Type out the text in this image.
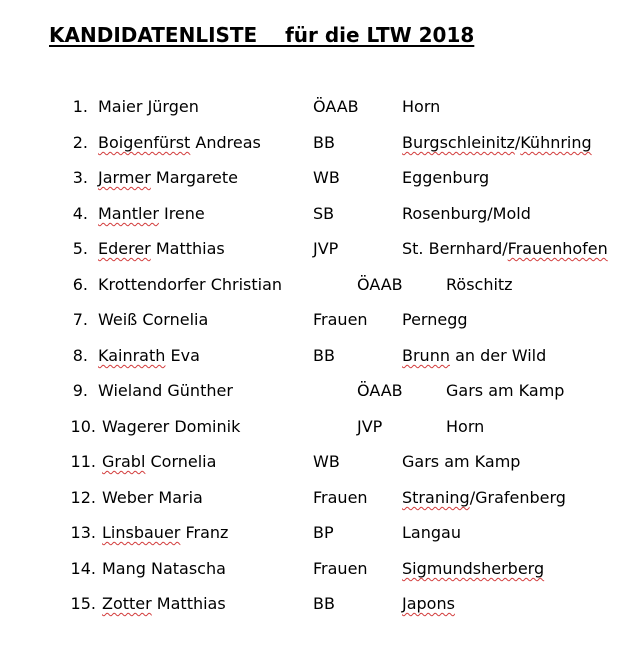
KANDIDATENLISTE    für die LTW 2018
1. Maier Jürgen	ÖAAB	Horn
2. Boigenfürst Andreas	BB	Burgschleinitz/Kühnring
3. Jarmer Margarete	WB	Eggenburg
4. Mantler Irene	SB	Rosenburg/Mold
5. Ederer Matthias	JVP	St. Bernhard/Frauenhofen
6. Krottendorfer Christian	ÖAAB	Röschitz
7. Weiß Cornelia	Frauen Pernegg
8. Kainrath Eva	BB	Brunn an der Wild
9. Wieland Günther	ÖAAB	Gars am Kamp
10. Wagerer Dominik	JVP	Horn
11. Grabl Cornelia	WB	Gars am Kamp
12. Weber Maria	Frauen Straning/Grafenberg
13. Linsbauer Franz	BP	Langau
14. Mang Natascha	Frauen Sigmundsherberg
15. Zotter Matthias	BB	Japons
